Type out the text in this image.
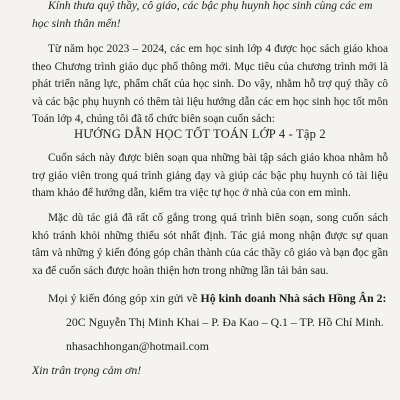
Kính thưa quý thầy, cô giáo, các bậc phụ huynh học sinh cùng các em học sinh thân mến!
Từ năm học 2023 – 2024, các em học sinh lớp 4 được học sách giáo khoa theo Chương trình giáo dục phổ thông mới. Mục tiêu của chương trình mới là phát triển năng lực, phẩm chất của học sinh. Do vậy, nhằm hỗ trợ quý thầy cô và các bậc phụ huynh có thêm tài liệu hướng dẫn các em học sinh học tốt môn Toán lớp 4, chúng tôi đã tổ chức biên soạn cuốn sách:
HƯỚNG DẪN HỌC TỐT TOÁN LỚP 4 - Tập 2
Cuốn sách này được biên soạn qua những bài tập sách giáo khoa nhằm hỗ trợ giáo viên trong quá trình giảng dạy và giúp các bậc phụ huynh có tài liệu tham khảo để hướng dẫn, kiểm tra việc tự học ở nhà của con em mình.
Mặc dù tác giả đã rất cố gắng trong quá trình biên soạn, song cuốn sách khó tránh khỏi những thiếu sót nhất định. Tác giả mong nhận được sự quan tâm và những ý kiến đóng góp chân thành của các thầy cô giáo và bạn đọc gần xa để cuốn sách được hoàn thiện hơn trong những lần tái bản sau.
Mọi ý kiến đóng góp xin gửi về Hộ kinh doanh Nhà sách Hồng Ân 2:
20C Nguyễn Thị Minh Khai – P. Đa Kao – Q.1 – TP. Hồ Chí Minh.
nhasachhongan@hotmail.com
Xin trân trọng cảm ơn!
